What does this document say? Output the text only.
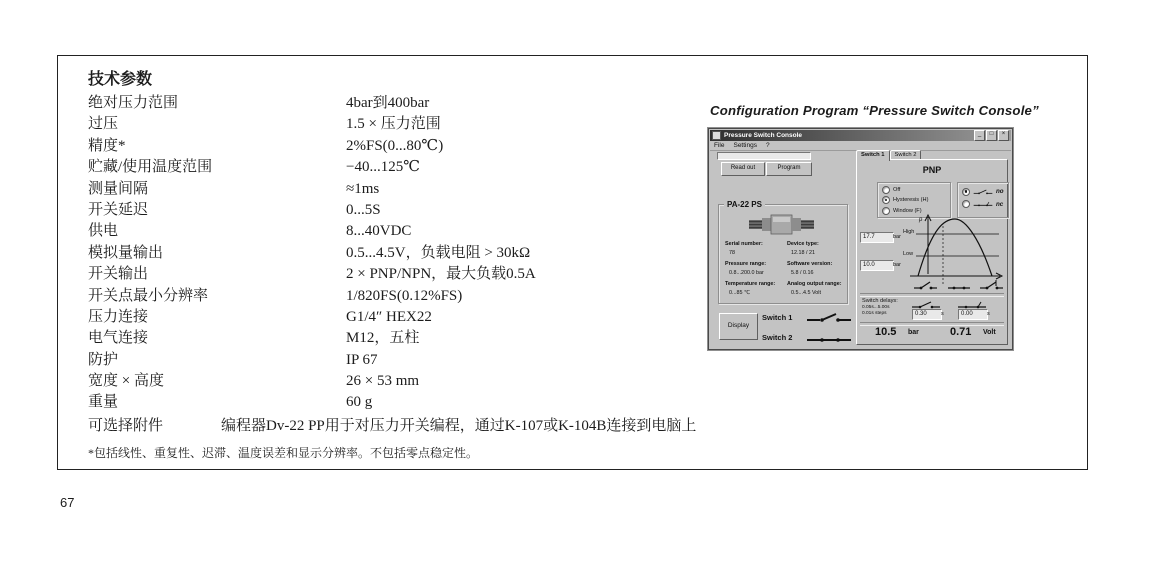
技术参数
绝对压力范围	4bar到400bar
过压	1.5 × 压力范围
精度*	2%FS(0...80℃)
贮藏/使用温度范围	−40...125℃
测量间隔	≈1ms
开关延迟	0...5S
供电	8...40VDC
模拟量输出	0.5...4.5V，负载电阻 > 30kΩ
开关输出	2 × PNP/NPN，最大负载0.5A
开关点最小分辨率	1/820FS(0.12%FS)
压力连接	G1/4″ HEX22
电气连接	M12，五柱
防护	IP 67
宽度 × 高度	26 × 53 mm
重量	60 g
可选择附件	编程器Dv-22 PP用于对压力开关编程，通过K-107或K-104B连接到电脑上
*包括线性、重复性、迟滞、温度误差和显示分辨率。不包括零点稳定性。
Configuration Program “Pressure Switch Console”
Pressure Switch Console	_	□	×
File Settings ?
Read out	Program
Switch 1	Switch 2
PA-22 PS
Serial number:
78
Device type:
12.18 / 21
Pressure range:
0.8...200.0 bar
Software version:
5.8 / 0.16
Temperature range:
0...85 ℃
Analog output range:
0.5...4.5 Volt
Display
Switch 1
Switch 2
PNP
Off
Hysteresis (H)
Window (F)
no
nc
17.7	bar
10.0	bar
p
High
Low
Switch delays:
0.05s...5.00s
0.01s steps	0.30	s	0.00	s
10.5 bar	0.71 Volt
67
